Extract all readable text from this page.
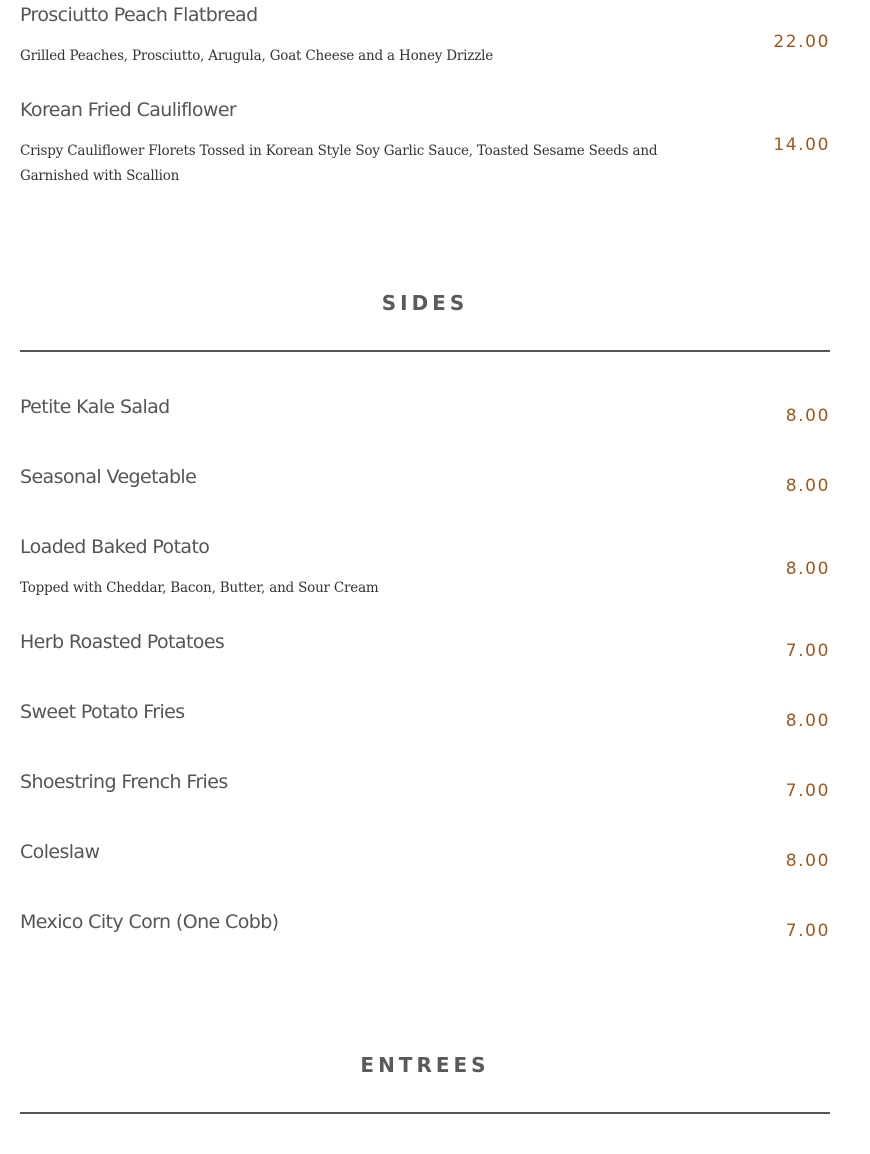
Prosciutto Peach Flatbread
Grilled Peaches, Prosciutto, Arugula, Goat Cheese and a Honey Drizzle
22.00
Korean Fried Cauliflower
Crispy Cauliflower Florets Tossed in Korean Style Soy Garlic Sauce, Toasted Sesame Seeds and Garnished with Scallion
14.00
SIDES
Petite Kale Salad	8.00
Seasonal Vegetable	8.00
Loaded Baked Potato
Topped with Cheddar, Bacon, Butter, and Sour Cream
8.00
Herb Roasted Potatoes	7.00
Sweet Potato Fries	8.00
Shoestring French Fries	7.00
Coleslaw	8.00
Mexico City Corn (One Cobb)	7.00
ENTREES
